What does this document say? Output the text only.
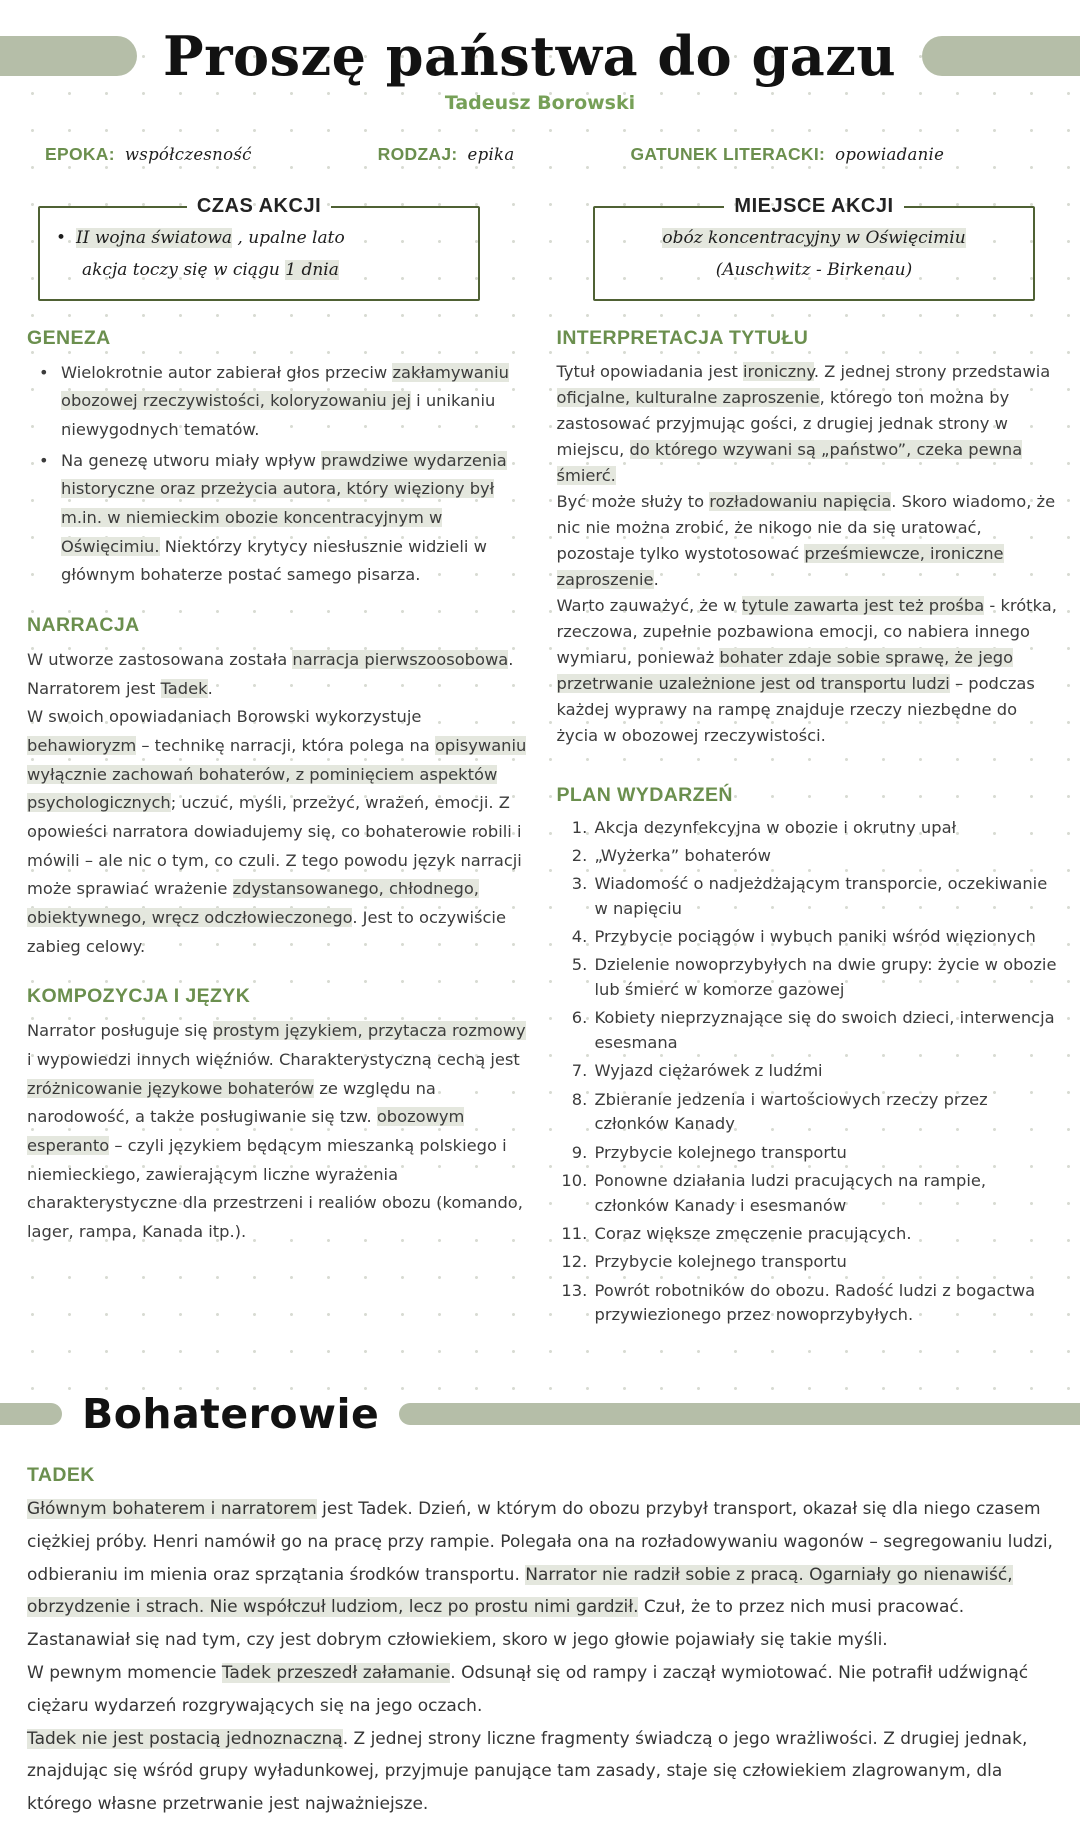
Proszę państwa do gazu
Tadeusz Borowski
EPOKA: współczesność	RODZAJ: epika	GATUNEK LITERACKI: opowiadanie
CZAS AKCJI
• II wojna światowa , upalne lato
akcja toczy się w ciągu 1 dnia
MIEJSCE AKCJI
obóz koncentracyjny w Oświęcimiu
(Auschwitz - Birkenau)
GENEZA
• Wielokrotnie autor zabierał głos przeciw zakłamywaniu obozowej rzeczywistości, koloryzowaniu jej i unikaniu niewygodnych tematów.
• Na genezę utworu miały wpływ prawdziwe wydarzenia historyczne oraz przeżycia autora, który więziony był m.in. w niemieckim obozie koncentracyjnym w Oświęcimiu. Niektórzy krytycy niesłusznie widzieli w głównym bohaterze postać samego pisarza.
NARRACJA

W utworze zastosowana została narracja pierwszoosobowa. Narratorem jest Tadek.

W swoich opowiadaniach Borowski wykorzystuje behawioryzm – technikę narracji, która polega na opisywaniu wyłącznie zachowań bohaterów, z pominięciem aspektów psychologicznych; uczuć, myśli, przeżyć, wrażeń, emocji. Z opowieści narratora dowiadujemy się, co bohaterowie robili i mówili – ale nic o tym, co czuli. Z tego powodu język narracji może sprawiać wrażenie zdystansowanego, chłodnego, obiektywnego, wręcz odczłowieczonego. Jest to oczywiście zabieg celowy.

KOMPOZYCJA I JĘZYK

Narrator posługuje się prostym językiem, przytacza rozmowy i wypowiedzi innych więźniów. Charakterystyczną cechą jest zróżnicowanie językowe bohaterów ze względu na narodowość, a także posługiwanie się tzw. obozowym esperanto – czyli językiem będącym mieszanką polskiego i niemieckiego, zawierającym liczne wyrażenia charakterystyczne dla przestrzeni i realiów obozu (komando, lager, rampa, Kanada itp.).

INTERPRETACJA TYTUŁU

Tytuł opowiadania jest ironiczny. Z jednej strony przedstawia oficjalne, kulturalne zaproszenie, którego ton można by zastosować przyjmując gości, z drugiej jednak strony w miejscu, do którego wzywani są „państwo”, czeka pewna śmierć.

Być może służy to rozładowaniu napięcia. Skoro wiadomo, że nic nie można zrobić, że nikogo nie da się uratować, pozostaje tylko wystotosować prześmiewcze, ironiczne zaproszenie.

Warto zauważyć, że w tytule zawarta jest też prośba - krótka, rzeczowa, zupełnie pozbawiona emocji, co nabiera innego wymiaru, ponieważ bohater zdaje sobie sprawę, że jego przetrwanie uzależnione jest od transportu ludzi – podczas każdej wyprawy na rampę znajduje rzeczy niezbędne do życia w obozowej rzeczywistości.

PLAN WYDARZEŃ
1. Akcja dezynfekcyjna w obozie i okrutny upał
2. „Wyżerka” bohaterów
3. Wiadomość o nadjeżdżającym transporcie, oczekiwanie w napięciu
4. Przybycie pociągów i wybuch paniki wśród więzionych
5. Dzielenie nowoprzybyłych na dwie grupy: życie w obozie lub śmierć w komorze gazowej
6. Kobiety nieprzyznające się do swoich dzieci, interwencja esesmana
7. Wyjazd ciężarówek z ludźmi
8. Zbieranie jedzenia i wartościowych rzeczy przez członków Kanady
9. Przybycie kolejnego transportu
10. Ponowne działania ludzi pracujących na rampie, członków Kanady i esesmanów
11. Coraz większe zmęczenie pracujących.
12. Przybycie kolejnego transportu
13. Powrót robotników do obozu. Radość ludzi z bogactwa przywiezionego przez nowoprzybyłych.
Bohaterowie
TADEK

Głównym bohaterem i narratorem jest Tadek. Dzień, w którym do obozu przybył transport, okazał się dla niego czasem ciężkiej próby. Henri namówił go na pracę przy rampie. Polegała ona na rozładowywaniu wagonów – segregowaniu ludzi, odbieraniu im mienia oraz sprzątania środków transportu. Narrator nie radził sobie z pracą. Ogarniały go nienawiść, obrzydzenie i strach. Nie współczuł ludziom, lecz po prostu nimi gardził. Czuł, że to przez nich musi pracować. Zastanawiał się nad tym, czy jest dobrym człowiekiem, skoro w jego głowie pojawiały się takie myśli.

W pewnym momencie Tadek przeszedł załamanie. Odsunął się od rampy i zaczął wymiotować. Nie potrafił udźwignąć ciężaru wydarzeń rozgrywających się na jego oczach.

Tadek nie jest postacią jednoznaczną. Z jednej strony liczne fragmenty świadczą o jego wrażliwości. Z drugiej jednak, znajdując się wśród grupy wyładunkowej, przyjmuje panujące tam zasady, staje się człowiekiem zlagrowanym, dla którego własne przetrwanie jest najważniejsze.
